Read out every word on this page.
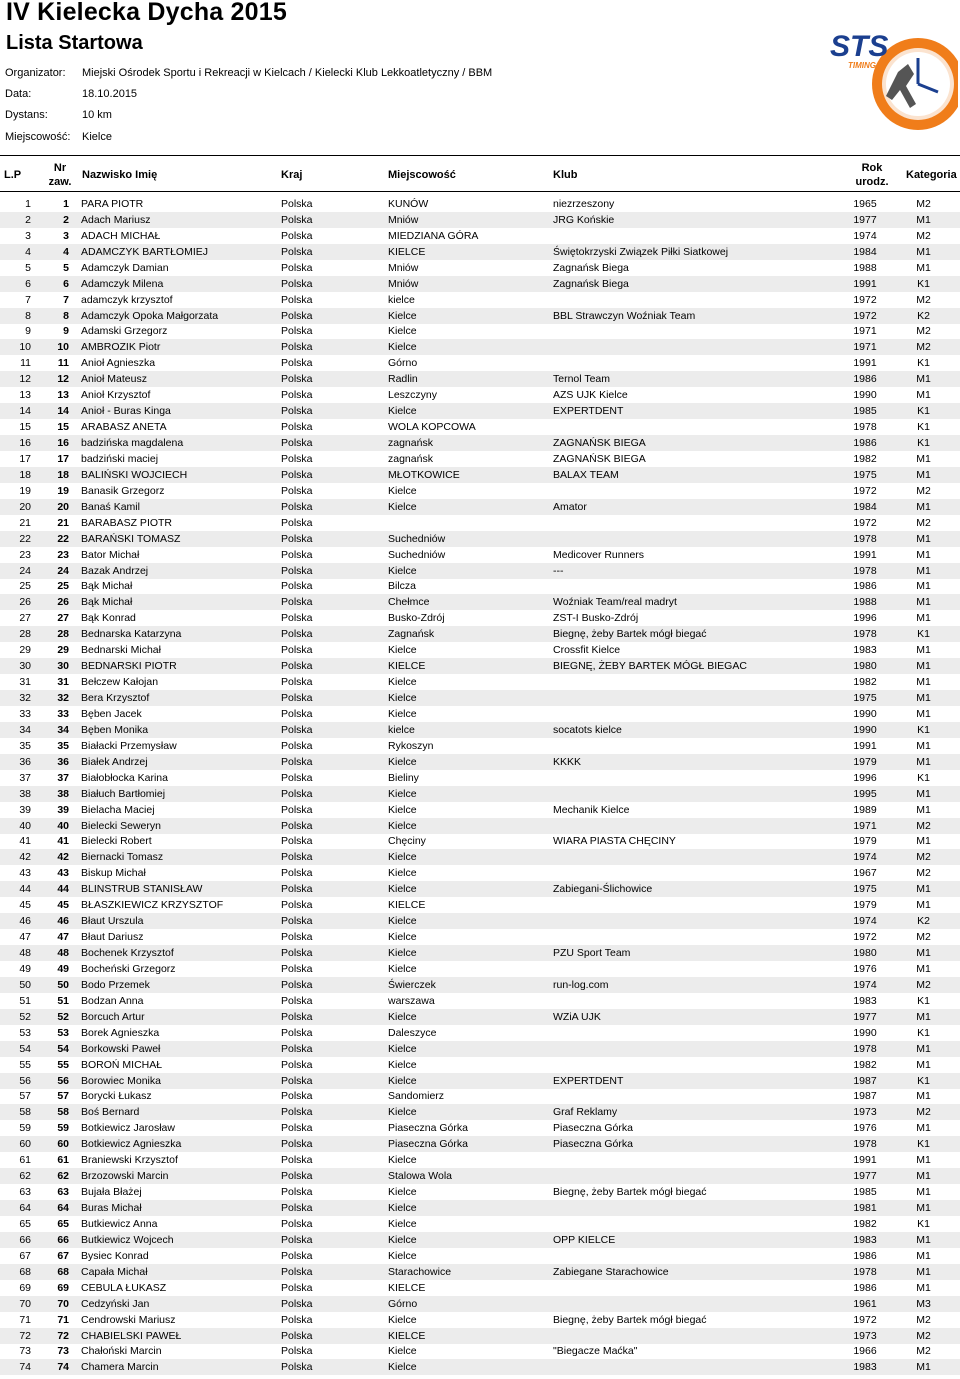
IV Kielecka Dycha 2015
Lista Startowa
Organizator:	Miejski Ośrodek Sportu i Rekreacji w Kielcach / Kielecki Klub Lekkoatletyczny / BBM
Data:	18.10.2015
Dystans:	10 km
Miejscowość:	Kielce
STS
TIMING
L.P
Nr
zaw.
Nazwisko Imię	Kraj	Miejscowość	Klub
Rok
urodz.
Kategoria
1	1		PARA PIOTR	Polska	KUNÓW	niezrzeszony	1965	M2
2	2		Adach Mariusz	Polska	Mniów	JRG Końskie	1977	M1
3	3		ADACH MICHAŁ	Polska	MIEDZIANA GÓRA		1974	M2
4	4		ADAMCZYK BARTŁOMIEJ	Polska	KIELCE	Świętokrzyski Związek Piłki Siatkowej	1984	M1
5	5		Adamczyk Damian	Polska	Mniów	Zagnańsk Biega	1988	M1
6	6		Adamczyk Milena	Polska	Mniów	Zagnańsk Biega	1991	K1
7	7		adamczyk krzysztof	Polska	kielce		1972	M2
8	8		Adamczyk Opoka Małgorzata	Polska	Kielce	BBL Strawczyn Woźniak Team	1972	K2
9	9		Adamski Grzegorz	Polska	Kielce		1971	M2
10	10		AMBROZIK Piotr	Polska	Kielce		1971	M2
11	11		Anioł Agnieszka	Polska	Górno		1991	K1
12	12		Anioł Mateusz	Polska	Radlin	Ternol Team	1986	M1
13	13		Anioł Krzysztof	Polska	Leszczyny	AZS UJK Kielce	1990	M1
14	14		Anioł - Buras Kinga	Polska	Kielce	EXPERTDENT	1985	K1
15	15		ARABASZ ANETA	Polska	WOLA KOPCOWA		1978	K1
16	16		badzińska magdalena	Polska	zagnańsk	ZAGNAŃSK BIEGA	1986	K1
17	17		badziński maciej	Polska	zagnańsk	ZAGNAŃSK BIEGA	1982	M1
18	18		BALIŃSKI WOJCIECH	Polska	MŁOTKOWICE	BALAX TEAM	1975	M1
19	19		Banasik Grzegorz	Polska	Kielce		1972	M2
20	20		Banaś Kamil	Polska	Kielce	Amator	1984	M1
21	21		BARABASZ PIOTR	Polska			1972	M2
22	22		BARAŃSKI TOMASZ	Polska	Suchedniów		1978	M1
23	23		Bator Michał	Polska	Suchedniów	Medicover Runners	1991	M1
24	24		Bazak Andrzej	Polska	Kielce	---	1978	M1
25	25		Bąk Michał	Polska	Bilcza		1986	M1
26	26		Bąk Michał	Polska	Chełmce	Woźniak Team/real madryt	1988	M1
27	27		Bąk Konrad	Polska	Busko-Zdrój	ZST-I Busko-Zdrój	1996	M1
28	28		Bednarska Katarzyna	Polska	Zagnańsk	Biegnę, żeby Bartek mógł biegać	1978	K1
29	29		Bednarski Michał	Polska	Kielce	Crossfit Kielce	1983	M1
30	30		BEDNARSKI PIOTR	Polska	KIELCE	BIEGNĘ, ŻEBY BARTEK MÓGŁ BIEGAC	1980	M1
31	31		Bełczew Kałojan	Polska	Kielce		1982	M1
32	32		Bera Krzysztof	Polska	Kielce		1975	M1
33	33		Bęben Jacek	Polska	Kielce		1990	M1
34	34		Bęben Monika	Polska	kielce	socatots kielce	1990	K1
35	35		Białacki Przemysław	Polska	Rykoszyn		1991	M1
36	36		Białek Andrzej	Polska	Kielce	KKKK	1979	M1
37	37		Białobłocka Karina	Polska	Bieliny		1996	K1
38	38		Białuch Bartłomiej	Polska	Kielce		1995	M1
39	39		Bielacha Maciej	Polska	Kielce	Mechanik Kielce	1989	M1
40	40		Bielecki Seweryn	Polska	Kielce		1971	M2
41	41		Bielecki Robert	Polska	Chęciny	WIARA PIASTA CHĘCINY	1979	M1
42	42		Biernacki Tomasz	Polska	Kielce		1974	M2
43	43		Biskup Michał	Polska	Kielce		1967	M2
44	44		BLINSTRUB STANISŁAW	Polska	Kielce	Zabiegani-Ślichowice	1975	M1
45	45		BŁASZKIEWICZ KRZYSZTOF	Polska	KIELCE		1979	M1
46	46		Błaut Urszula	Polska	Kielce		1974	K2
47	47		Błaut Dariusz	Polska	Kielce		1972	M2
48	48		Bochenek Krzysztof	Polska	Kielce	PZU Sport Team	1980	M1
49	49		Bocheński Grzegorz	Polska	Kielce		1976	M1
50	50		Bodo Przemek	Polska	Świerczek	run-log.com	1974	M2
51	51		Bodzan Anna	Polska	warszawa		1983	K1
52	52		Borcuch Artur	Polska	Kielce	WZiA UJK	1977	M1
53	53		Borek Agnieszka	Polska	Daleszyce		1990	K1
54	54		Borkowski Paweł	Polska	Kielce		1978	M1
55	55		BOROŃ MICHAŁ	Polska	Kielce		1982	M1
56	56		Borowiec Monika	Polska	Kielce	EXPERTDENT	1987	K1
57	57		Borycki Łukasz	Polska	Sandomierz		1987	M1
58	58		Boś Bernard	Polska	Kielce	Graf Reklamy	1973	M2
59	59		Botkiewicz Jarosław	Polska	Piaseczna Górka	Piaseczna Górka	1976	M1
60	60		Botkiewicz Agnieszka	Polska	Piaseczna Górka	Piaseczna Górka	1978	K1
61	61		Braniewski Krzysztof	Polska	Kielce		1991	M1
62	62		Brzozowski Marcin	Polska	Stalowa Wola		1977	M1
63	63		Bujała Błażej	Polska	Kielce	Biegnę, żeby Bartek mógł biegać	1985	M1
64	64		Buras Michał	Polska	Kielce		1981	M1
65	65		Butkiewicz Anna	Polska	Kielce		1982	K1
66	66		Butkiewicz Wojcech	Polska	Kielce	OPP KIELCE	1983	M1
67	67		Bysiec Konrad	Polska	Kielce		1986	M1
68	68		Capała Michał	Polska	Starachowice	Zabiegane Starachowice	1978	M1
69	69		CEBULA ŁUKASZ	Polska	KIELCE		1986	M1
70	70		Cedzyński Jan	Polska	Górno		1961	M3
71	71		Cendrowski Mariusz	Polska	Kielce	Biegnę, żeby Bartek mógł biegać	1972	M2
72	72		CHABIELSKI PAWEŁ	Polska	KIELCE		1973	M2
73	73		Chałoński Marcin	Polska	Kielce	"Biegacze Maćka"	1966	M2
74	74		Chamera Marcin	Polska	Kielce		1983	M1
